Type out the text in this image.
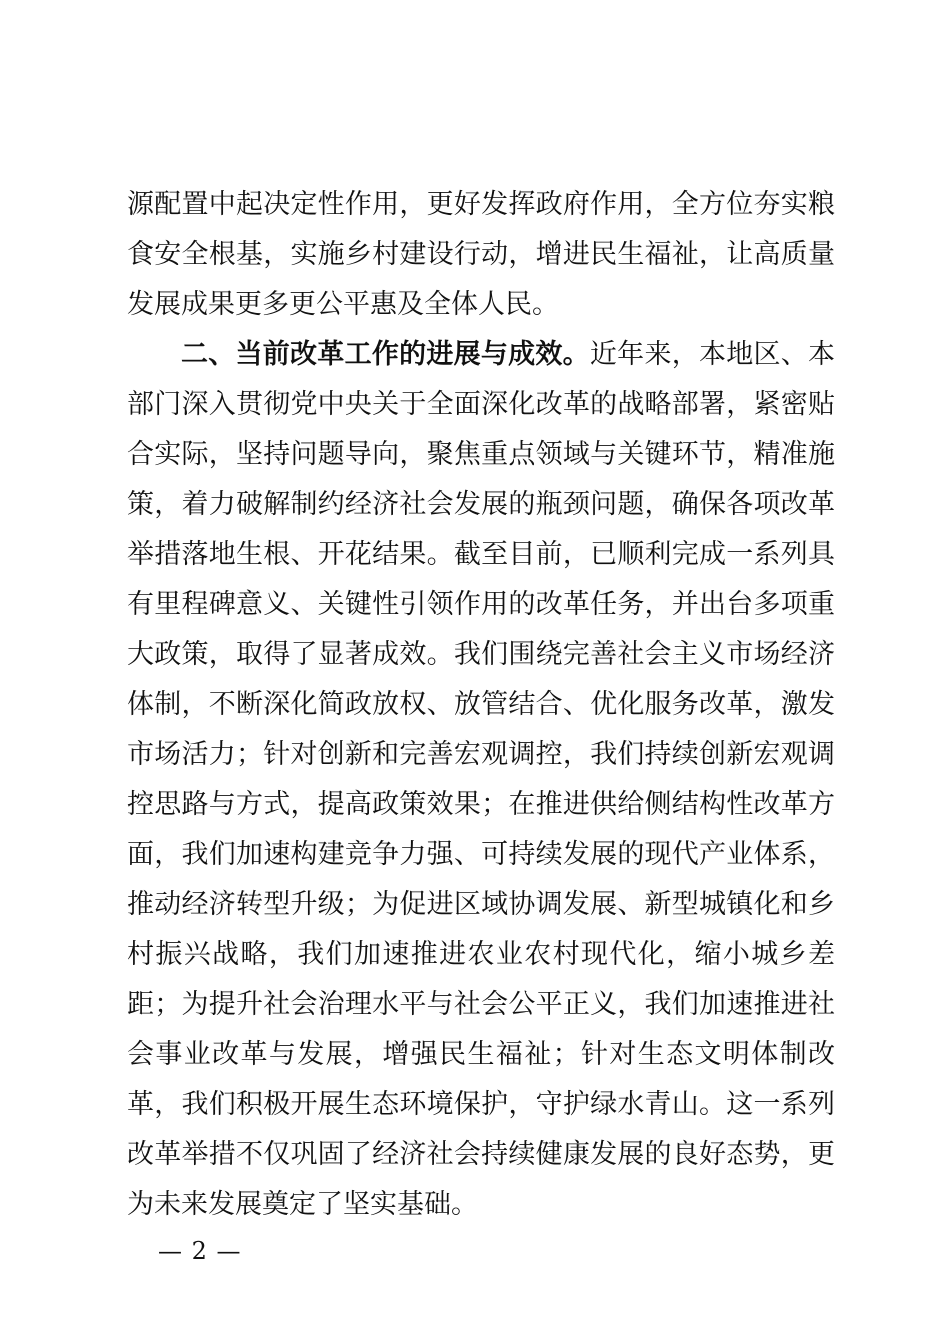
源配置中起决定性作用，更好发挥政府作用，全方位夯实粮食安全根基，实施乡村建设行动，增进民生福祉，让高质量发展成果更多更公平惠及全体人民。

二、当前改革工作的进展与成效。近年来，本地区、本部门深入贯彻党中央关于全面深化改革的战略部署，紧密贴合实际，坚持问题导向，聚焦重点领域与关键环节，精准施策，着力破解制约经济社会发展的瓶颈问题，确保各项改革举措落地生根、开花结果。截至目前，已顺利完成一系列具有里程碑意义、关键性引领作用的改革任务，并出台多项重大政策，取得了显著成效。我们围绕完善社会主义市场经济体制，不断深化简政放权、放管结合、优化服务改革，激发市场活力；针对创新和完善宏观调控，我们持续创新宏观调控思路与方式，提高政策效果；在推进供给侧结构性改革方面，我们加速构建竞争力强、可持续发展的现代产业体系，推动经济转型升级；为促进区域协调发展、新型城镇化和乡村振兴战略，我们加速推进农业农村现代化，缩小城乡差距；为提升社会治理水平与社会公平正义，我们加速推进社会事业改革与发展，增强民生福祉；针对生态文明体制改革，我们积极开展生态环境保护，守护绿水青山。这一系列改革举措不仅巩固了经济社会持续健康发展的良好态势，更为未来发展奠定了坚实基础。

— 2 —
